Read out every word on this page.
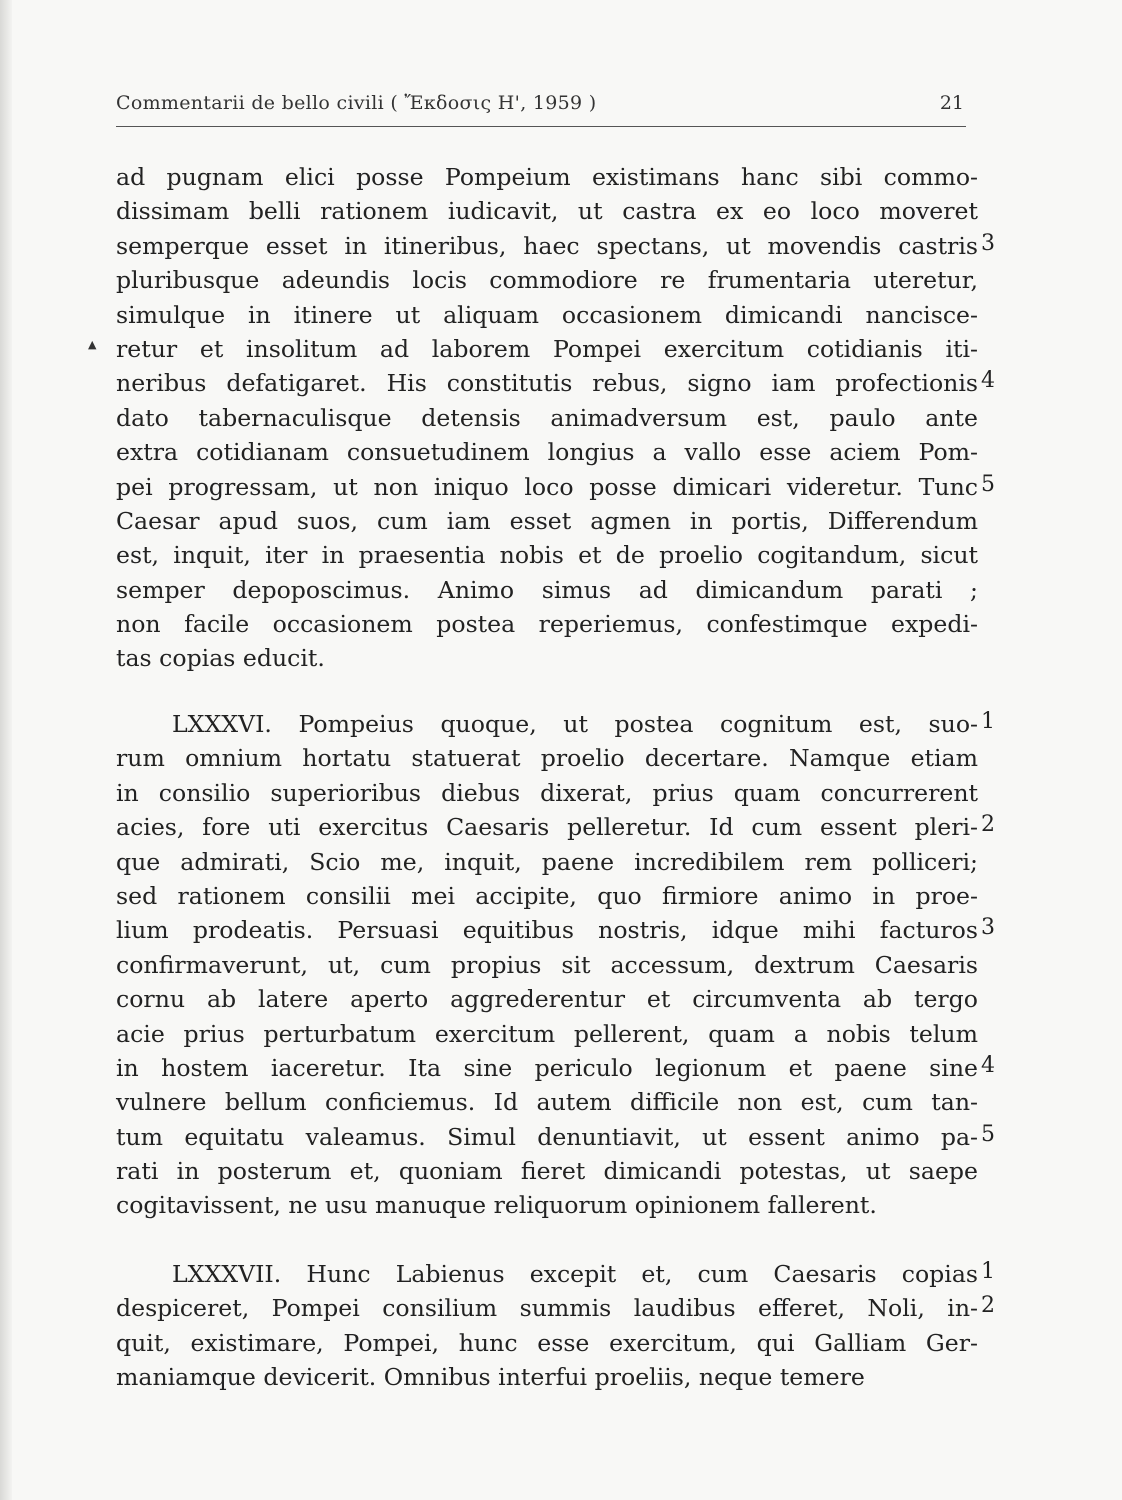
Commentarii de bello civili ( Ἔκδοσις H', 1959 )	21
▲
ad pugnam elici posse Pompeium existimans hanc sibi commo-
dissimam belli rationem iudicavit, ut castra ex eo loco moveret
semperque esset in itineribus, haec spectans, ut movendis castris
pluribusque adeundis locis commodiore re frumentaria uteretur,
simulque in itinere ut aliquam occasionem dimicandi nancisce-
retur et insolitum ad laborem Pompei exercitum cotidianis iti-
neribus defatigaret. His constitutis rebus, signo iam profectionis
dato tabernaculisque detensis animadversum est, paulo ante
extra cotidianam consuetudinem longius a vallo esse aciem Pom-
pei progressam, ut non iniquo loco posse dimicari videretur. Tunc
Caesar apud suos, cum iam esset agmen in portis, Differendum
est, inquit, iter in praesentia nobis et de proelio cogitandum, sicut
semper depoposcimus. Animo simus ad dimicandum parati ;
non facile occasionem postea reperiemus, confestimque expedi-
tas copias educit.
3
4
5
LXXXVI. Pompeius quoque, ut postea cognitum est, suo-
rum omnium hortatu statuerat proelio decertare. Namque etiam
in consilio superioribus diebus dixerat, prius quam concurrerent
acies, fore uti exercitus Caesaris pelleretur. Id cum essent pleri-
que admirati, Scio me, inquit, paene incredibilem rem polliceri;
sed rationem consilii mei accipite, quo firmiore animo in proe-
lium prodeatis. Persuasi equitibus nostris, idque mihi facturos
confirmaverunt, ut, cum propius sit accessum, dextrum Caesaris
cornu ab latere aperto aggrederentur et circumventa ab tergo
acie prius perturbatum exercitum pellerent, quam a nobis telum
in hostem iaceretur. Ita sine periculo legionum et paene sine
vulnere bellum conficiemus. Id autem difficile non est, cum tan-
tum equitatu valeamus. Simul denuntiavit, ut essent animo pa-
rati in posterum et, quoniam fieret dimicandi potestas, ut saepe
cogitavissent, ne usu manuque reliquorum opinionem fallerent.
1
2
3
4
5
LXXXVII. Hunc Labienus excepit et, cum Caesaris copias
despiceret, Pompei consilium summis laudibus efferet, Noli, in-
quit, existimare, Pompei, hunc esse exercitum, qui Galliam Ger-
maniamque devicerit. Omnibus interfui proeliis, neque temere
1
2
